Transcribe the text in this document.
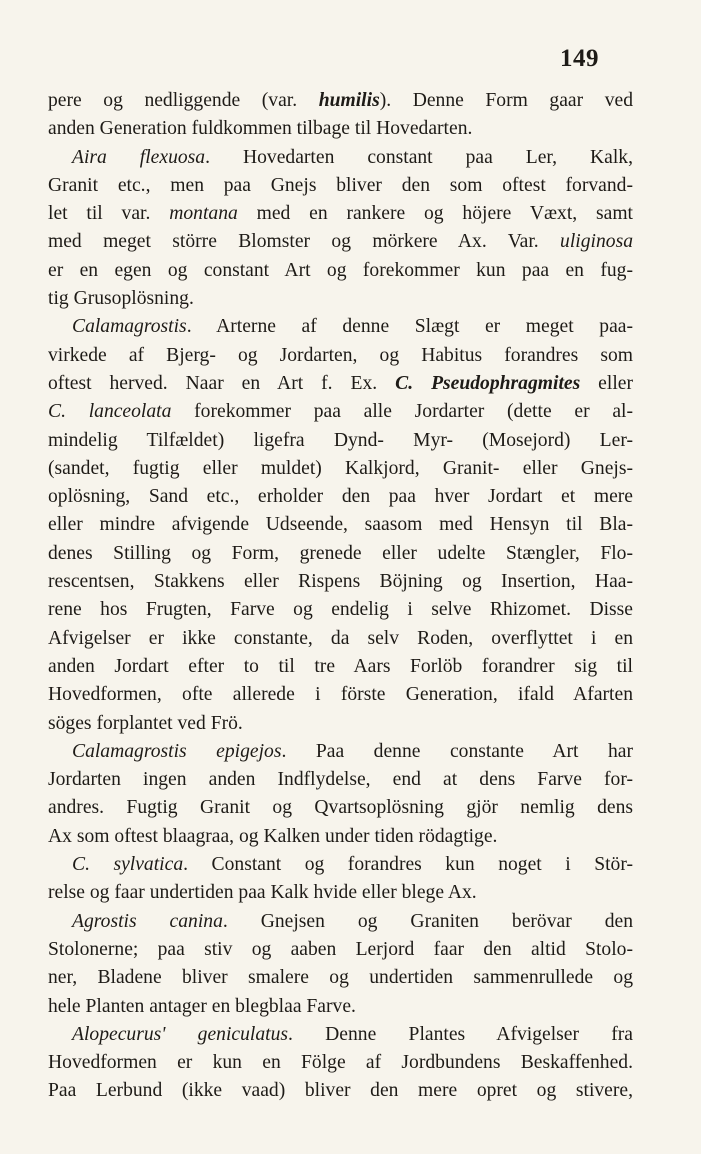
149
pere og nedliggende (var. humilis). Denne Form gaar ved
anden Generation fuldkommen tilbage til Hovedarten.
Aira flexuosa. Hovedarten constant paa Ler, Kalk,
Granit etc., men paa Gnejs bliver den som oftest forvand-
let til var. montana med en rankere og höjere Væxt, samt
med meget större Blomster og mörkere Ax. Var. uliginosa
er en egen og constant Art og forekommer kun paa en fug-
tig Grusoplösning.
Calamagrostis. Arterne af denne Slægt er meget paa-
virkede af Bjerg- og Jordarten, og Habitus forandres som
oftest herved. Naar en Art f. Ex. C. Pseudophragmites eller
C. lanceolata forekommer paa alle Jordarter (dette er al-
mindelig Tilfældet) ligefra Dynd- Myr- (Mosejord) Ler-
(sandet, fugtig eller muldet) Kalkjord, Granit- eller Gnejs-
oplösning, Sand etc., erholder den paa hver Jordart et mere
eller mindre afvigende Udseende, saasom med Hensyn til Bla-
denes Stilling og Form, grenede eller udelte Stængler, Flo-
rescentsen, Stakkens eller Rispens Böjning og Insertion, Haa-
rene hos Frugten, Farve og endelig i selve Rhizomet. Disse
Afvigelser er ikke constante, da selv Roden, overflyttet i en
anden Jordart efter to til tre Aars Forlöb forandrer sig til
Hovedformen, ofte allerede i förste Generation, ifald Afarten
söges forplantet ved Frö.
Calamagrostis epigejos. Paa denne constante Art har
Jordarten ingen anden Indflydelse, end at dens Farve for-
andres. Fugtig Granit og Qvartsoplösning gjör nemlig dens
Ax som oftest blaagraa, og Kalken under tiden rödagtige.
C. sylvatica. Constant og forandres kun noget i Stör-
relse og faar undertiden paa Kalk hvide eller blege Ax.
Agrostis canina. Gnejsen og Graniten berövar den
Stolonerne; paa stiv og aaben Lerjord faar den altid Stolo-
ner, Bladene bliver smalere og undertiden sammenrullede og
hele Planten antager en blegblaa Farve.
Alopecurus' geniculatus. Denne Plantes Afvigelser fra
Hovedformen er kun en Fölge af Jordbundens Beskaffenhed.
Paa Lerbund (ikke vaad) bliver den mere opret og stivere,
